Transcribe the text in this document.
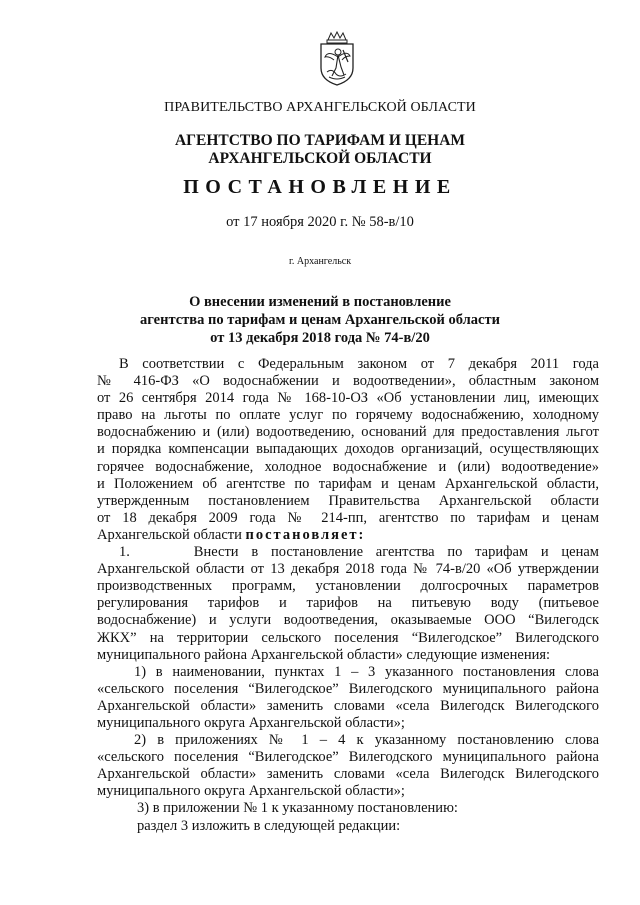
ПРАВИТЕЛЬСТВО АРХАНГЕЛЬСКОЙ ОБЛАСТИ
АГЕНТСТВО ПО ТАРИФАМ И ЦЕНАМ
АРХАНГЕЛЬСКОЙ ОБЛАСТИ
ПОСТАНОВЛЕНИЕ
от 17 ноября 2020 г. № 58-в/10
г. Архангельск
О внесении изменений в постановление
агентства по тарифам и ценам Архангельской области
от 13 декабря 2018 года № 74-в/20
В соответствии с Федеральным законом от 7 декабря 2011 года
№ 416-ФЗ «О водоснабжении и водоотведении», областным законом
от 26 сентября 2014 года № 168-10-ОЗ «Об установлении лиц, имеющих
право на льготы по оплате услуг по горячему водоснабжению, холодному
водоснабжению и (или) водоотведению, оснований для предоставления льгот
и порядка компенсации выпадающих доходов организаций, осуществляющих
горячее водоснабжение, холодное водоснабжение и (или) водоотведение»
и Положением об агентстве по тарифам и ценам Архангельской области,
утвержденным постановлением Правительства Архангельской области
от 18 декабря 2009 года № 214-пп, агентство по тарифам и ценам
Архангельской области постановляет:
1.     Внести в постановление агентства по тарифам и ценам
Архангельской области от 13 декабря 2018 года № 74-в/20 «Об утверждении
производственных программ, установлении долгосрочных параметров
регулирования тарифов и тарифов на питьевую воду (питьевое
водоснабжение) и услуги водоотведения, оказываемые ООО “Вилегодск
ЖКХ” на территории сельского поселения “Вилегодское” Вилегодского
муниципального района Архангельской области» следующие изменения:
1) в наименовании, пунктах 1 – 3 указанного постановления слова
«сельского поселения “Вилегодское” Вилегодского муниципального района
Архангельской области» заменить словами «села Вилегодск Вилегодского
муниципального округа Архангельской области»;
2) в приложениях № 1 – 4 к указанному постановлению слова
«сельского поселения “Вилегодское” Вилегодского муниципального района
Архангельской области» заменить словами «села Вилегодск Вилегодского
муниципального округа Архангельской области»;
3) в приложении № 1 к указанному постановлению:
раздел 3 изложить в следующей редакции:
